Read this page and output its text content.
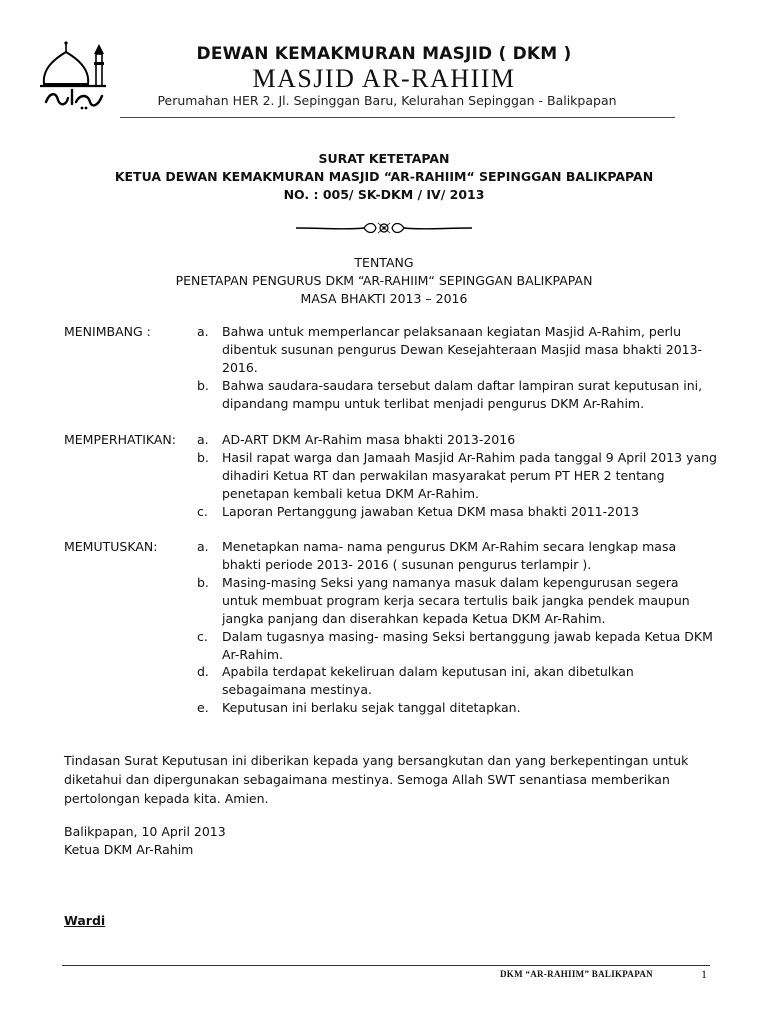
DEWAN KEMAKMURAN MASJID ( DKM )
MASJID AR-RAHIIM
Perumahan HER 2. Jl. Sepinggan Baru, Kelurahan Sepinggan - Balikpapan
SURAT KETETAPAN
KETUA DEWAN KEMAKMURAN MASJID “AR-RAHIIM“ SEPINGGAN BALIKPAPAN
NO. : 005/ SK-DKM / IV/ 2013
TENTANG
PENETAPAN PENGURUS DKM “AR-RAHIIM“ SEPINGGAN BALIKPAPAN
MASA BHAKTI 2013 – 2016
MENIMBANG :	a.	Bahwa untuk memperlancar pelaksanaan kegiatan Masjid A-Rahim, perlu dibentuk susunan pengurus Dewan Kesejahteraan Masjid masa bhakti 2013-2016.
b.	Bahwa saudara-saudara tersebut dalam daftar lampiran surat keputusan ini, dipandang mampu untuk terlibat menjadi pengurus DKM Ar-Rahim.
MEMPERHATIKAN: a.	AD-ART DKM Ar-Rahim masa bhakti 2013-2016
b.	Hasil rapat warga dan Jamaah Masjid Ar-Rahim pada tanggal 9 April 2013 yang dihadiri Ketua RT dan perwakilan masyarakat perum PT HER 2 tentang penetapan kembali ketua DKM Ar-Rahim.
c.	Laporan Pertanggung jawaban Ketua DKM masa bhakti 2011-2013
MEMUTUSKAN:	a.	Menetapkan nama- nama pengurus DKM Ar-Rahim secara lengkap masa bhakti periode 2013- 2016 ( susunan pengurus terlampir ).
b.	Masing-masing Seksi yang namanya masuk dalam kepengurusan segera untuk membuat program kerja secara tertulis baik jangka pendek maupun jangka panjang dan diserahkan kepada Ketua DKM Ar-Rahim.
c.	Dalam tugasnya masing- masing Seksi bertanggung jawab kepada Ketua DKM Ar-Rahim.
d.	Apabila terdapat kekeliruan dalam keputusan ini, akan dibetulkan sebagaimana mestinya.
e.	Keputusan ini berlaku sejak tanggal ditetapkan.
Tindasan Surat Keputusan ini diberikan kepada yang bersangkutan dan yang berkepentingan untuk diketahui dan dipergunakan sebagaimana mestinya. Semoga Allah SWT senantiasa memberikan pertolongan kepada kita. Amien.
Balikpapan, 10 April 2013
Ketua DKM Ar-Rahim
Wardi
DKM “AR-RAHIIM” BALIKPAPAN	1
